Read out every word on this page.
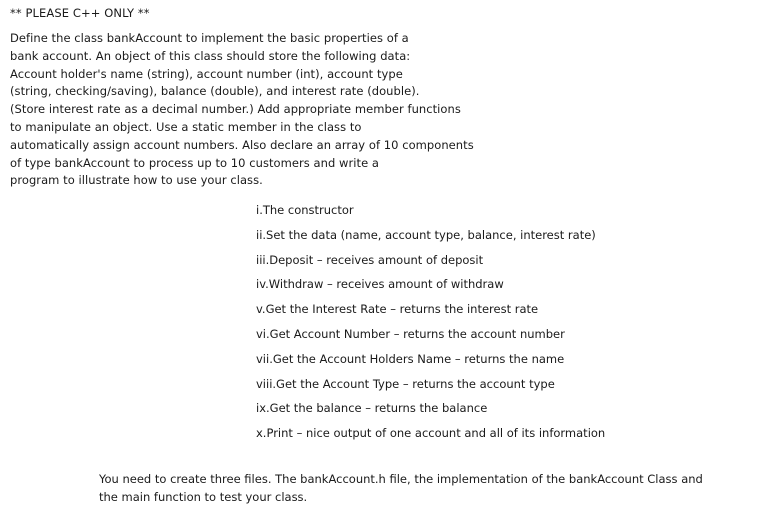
** PLEASE C++ ONLY **
Define the class bankAccount to implement the basic properties of a
bank account. An object of this class should store the following data:
Account holder's name (string), account number (int), account type
(string, checking/saving), balance (double), and interest rate (double).
(Store interest rate as a decimal number.) Add appropriate member functions
to manipulate an object. Use a static member in the class to
automatically assign account numbers. Also declare an array of 10 components
of type bankAccount to process up to 10 customers and write a
program to illustrate how to use your class.
i.The constructor
ii.Set the data (name, account type, balance, interest rate)
iii.Deposit – receives amount of deposit
iv.Withdraw – receives amount of withdraw
v.Get the Interest Rate – returns the interest rate
vi.Get Account Number – returns the account number
vii.Get the Account Holders Name – returns the name
viii.Get the Account Type – returns the account type
ix.Get the balance – returns the balance
x.Print – nice output of one account and all of its information
You need to create three files. The bankAccount.h file, the implementation of the bankAccount Class and
the main function to test your class.
